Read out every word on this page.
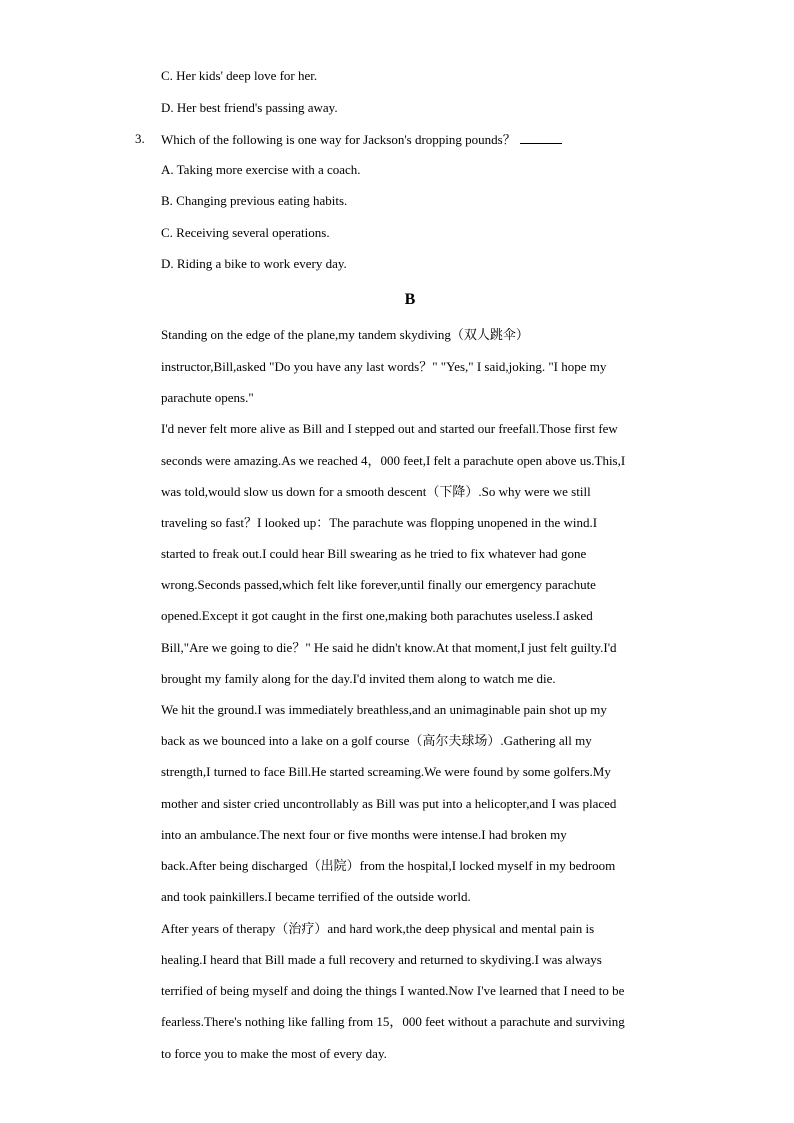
C. Her kids' deep love for her.
D. Her best friend's passing away.
3. Which of the following is one way for Jackson's dropping pounds？
A. Taking more exercise with a coach.
B. Changing previous eating habits.
C. Receiving several operations.
D. Riding a bike to work every day.
B
Standing on the edge of the plane,my tandem skydiving（双人跳伞）
instructor,Bill,asked "Do you have any last words？" "Yes," I said,joking. "I hope my
parachute opens."
I'd never felt more alive as Bill and I stepped out and started our freefall.Those first few
seconds were amazing.As we reached 4，000 feet,I felt a parachute open above us.This,I
was told,would slow us down for a smooth descent（下降）.So why were we still
traveling so fast？I looked up：The parachute was flopping unopened in the wind.I
started to freak out.I could hear Bill swearing as he tried to fix whatever had gone
wrong.Seconds passed,which felt like forever,until finally our emergency parachute
opened.Except it got caught in the first one,making both parachutes useless.I asked
Bill,"Are we going to die？" He said he didn't know.At that moment,I just felt guilty.I'd
brought my family along for the day.I'd invited them along to watch me die.
We hit the ground.I was immediately breathless,and an unimaginable pain shot up my
back as we bounced into a lake on a golf course（高尔夫球场）.Gathering all my
strength,I turned to face Bill.He started screaming.We were found by some golfers.My
mother and sister cried uncontrollably as Bill was put into a helicopter,and I was placed
into an ambulance.The next four or five months were intense.I had broken my
back.After being discharged（出院）from the hospital,I locked myself in my bedroom
and took painkillers.I became terrified of the outside world.
After years of therapy（治疗）and hard work,the deep physical and mental pain is
healing.I heard that Bill made a full recovery and returned to skydiving.I was always
terrified of being myself and doing the things I wanted.Now I've learned that I need to be
fearless.There's nothing like falling from 15，000 feet without a parachute and surviving
to force you to make the most of every day.
